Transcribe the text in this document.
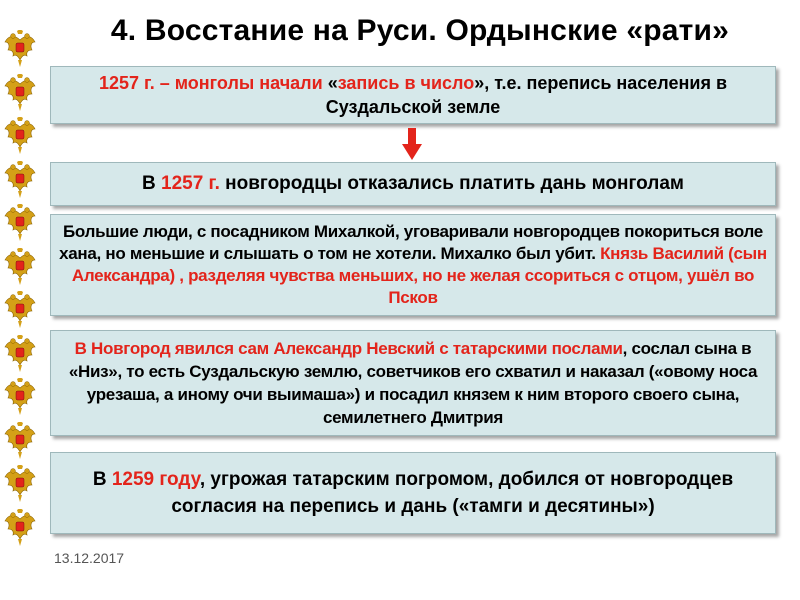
4. Восстание на Руси. Ордынские «рати»

1257 г. – монголы начали «запись в число», т.е. перепись населения в Суздальской земле

В 1257 г. новгородцы отказались платить дань монголам

Большие люди, с посадником Михалкой, уговаривали новгородцев покориться воле хана, но меньшие и слышать о том не хотели. Михалко был убит. Князь Василий (сын Александра) , разделяя чувства меньших, но не желая ссориться с отцом, ушёл во Псков

В Новгород явился сам Александр Невский с татарскими послами, сослал сына в «Низ», то есть Суздальскую землю, советчиков его схватил и наказал («овому носа урезаша, а иному очи выимаша») и посадил князем к ним второго своего сына, семилетнего Дмитрия

В 1259 году, угрожая татарским погромом, добился от новгородцев согласия на перепись и дань («тамги и десятины»)

13.12.2017
